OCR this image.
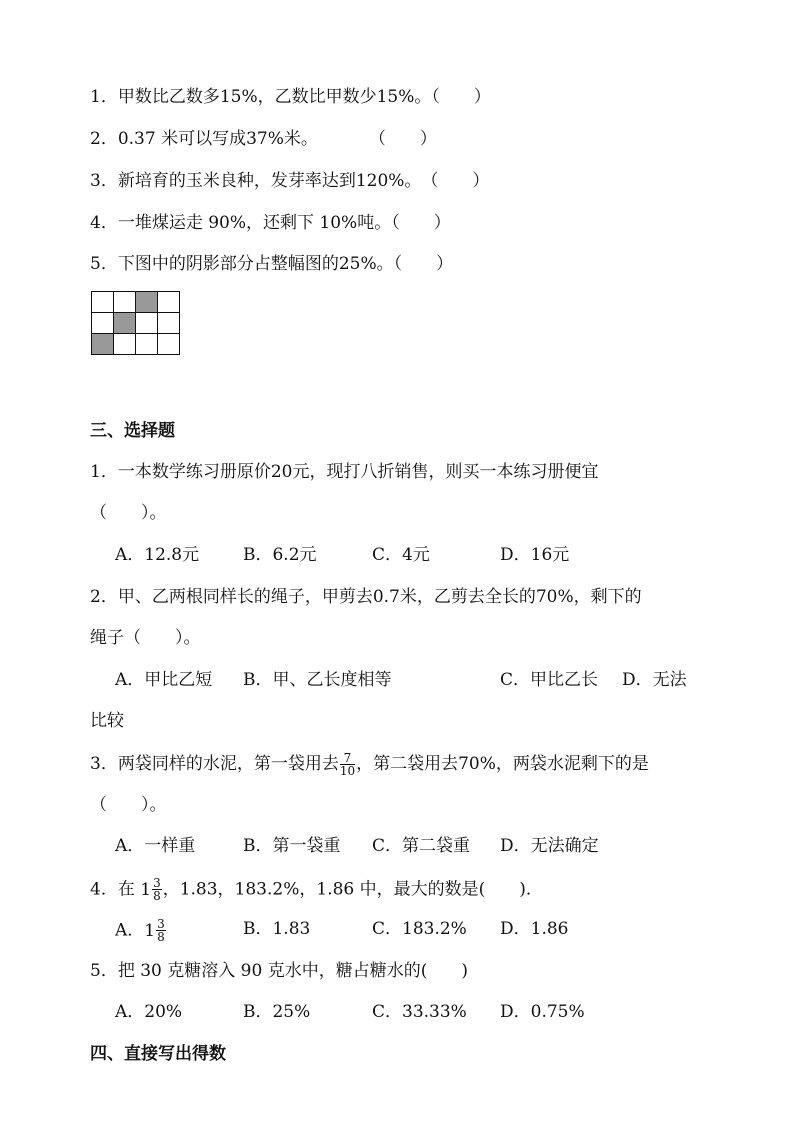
1．甲数比乙数多15%，乙数比甲数少15%。（　　）
2．0.37 米可以写成37%米。　　　　（　　）
3．新培育的玉米良种，发芽率达到120%。　（　　）
4．一堆煤运走 90%，还剩下 10%吨。（　　）
5．下图中的阴影部分占整幅图的25%。（　　）

三、选择题
1．一本数学练习册原价20元，现打八折销售，则买一本练习册便宜
（　　）。
A．12.8元	B．6.2元	C．4元	D．16元
2．甲、乙两根同样长的绳子，甲剪去0.7米，乙剪去全长的70%，剩下的
绳子（　　）。
A．甲比乙短 B．甲、乙长度相等	C．甲比乙长 D．无法
比较
3．两袋同样的水泥，第一袋用去 $\frac{7}{10}$ ，第二袋用去70%，两袋水泥剩下的是
（　　）。
A．一样重	B．第一袋重 C．第二袋重 D．无法确定
4．在 $1 \frac{3}{8}$ ，1.83，183.2%，1.86 中，最大的数是(　　)．
A． $1 \frac{3}{8}$	B．1.83	C．183.2% D．1.86
5．把 30 克糖溶入 90 克水中，糖占糖水的(　　)
A．20%	B．25%	C．33.33% D．0.75%
四、直接写出得数
